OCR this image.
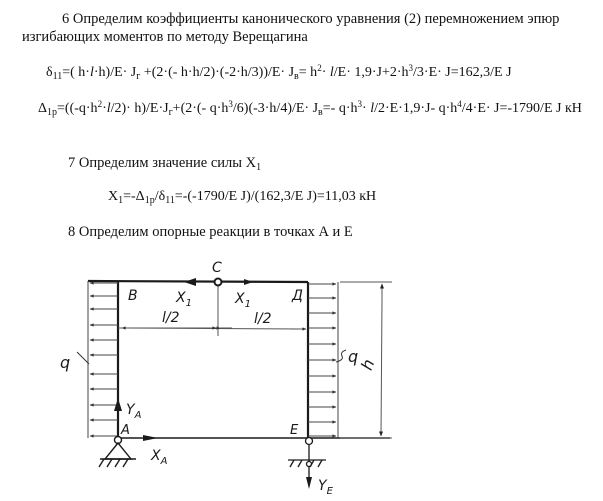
6 Определим коэффициенты канонического уравнения (2) перемножением эпюр
изгибающих моментов по методу Верещагина
$\delta_{11}=$( $h\cdot l\cdot h)/E\cdot J_г +(2\cdot(-$ $h\cdot h/2)\cdot(-2\cdot h/3))/E\cdot J_в= h^2\cdot l/E\cdot 1,9\cdot J+2\cdot h^3/3\cdot E\cdot J=162,3/E$ J
$\Delta_{1p}=((-q\cdot h^2\cdot l/2)\cdot h)/E\cdot J_г+(2\cdot(-$ $q\cdot h^3/6)(-3\cdot h/4)/E\cdot J_в=-$ $q\cdot h^3\cdot l/2\cdot E\cdot 1,9\cdot J-$ $q\cdot h^4/4\cdot E\cdot J=-1790/E$ J кН
7 Определим значение силы $X_1$
$X_1=-\Delta_{1p}/\delta_{11}=-(-1790/E$ J)/(162,3/E J)=11,03 кН
8 Определим опорные реакции в точках А и Е
B
C
Д
A	E
$X_1$	$X_1$
l/2	l/2
q	q
h
$Y_A$
$X_A$
$Y_E$
